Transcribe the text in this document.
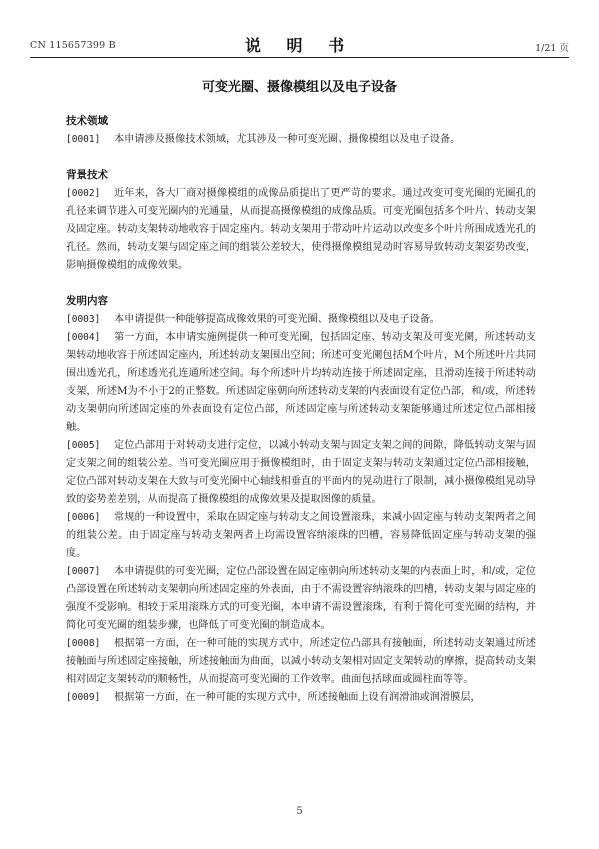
CN 115657399 B	说 明 书	1/21 页
可变光圈、摄像模组以及电子设备
技术领域

[0001] 本申请涉及摄像技术领域，尤其涉及一种可变光圈、摄像模组以及电子设备。

背景技术

[0002] 近年来，各大厂商对摄像模组的成像品质提出了更严苛的要求。通过改变可变光圈的光圈孔的孔径来调节进入可变光圈内的光通量，从而提高摄像模组的成像品质。可变光圈包括多个叶片、转动支架及固定座。转动支架转动地收容于固定座内。转动支架用于带动叶片运动以改变多个叶片所围成透光孔的孔径。然而，转动支架与固定座之间的组装公差较大，使得摄像模组晃动时容易导致转动支架姿势改变，影响摄像模组的成像效果。

发明内容

[0003] 本申请提供一种能够提高成像效果的可变光圈、摄像模组以及电子设备。

[0004] 第一方面，本申请实施例提供一种可变光圈，包括固定座、转动支架及可变光阑，所述转动支架转动地收容于所述固定座内，所述转动支架围出空间；所述可变光阑包括M个叶片，M个所述叶片共同围出透光孔，所述透光孔连通所述空间。每个所述叶片均转动连接于所述固定座，且滑动连接于所述转动支架，所述M为不小于2的正整数。所述固定座朝向所述转动支架的内表面设有定位凸部，和/或，所述转动支架朝向所述固定座的外表面设有定位凸部，所述固定座与所述转动支架能够通过所述定位凸部相接触。

[0005] 定位凸部用于对转动支进行定位，以减小转动支架与固定支架之间的间隙，降低转动支架与固定支架之间的组装公差。当可变光圈应用于摄像模组时，由于固定支架与转动支架通过定位凸部相接触，定位凸部对转动支架在大致与可变光圈中心轴线相垂直的平面内的晃动进行了限制，减小摄像模组晃动导致的姿势差差别，从而提高了摄像模组的成像效果及提取图像的质量。

[0006] 常规的一种设置中，采取在固定座与转动支之间设置滚珠，来减小固定座与转动支架两者之间的组装公差。由于固定座与转动支架两者上均需设置容纳滚珠的凹槽，容易降低固定座与转动支架的强度。

[0007] 本申请提供的可变光圈，定位凸部设置在固定座朝向所述转动支架的内表面上时，和/或，定位凸部设置在所述转动支架朝向所述固定座的外表面，由于不需设置容纳滚珠的凹槽，转动支架与固定座的强度不受影响。相较于采用滚珠方式的可变光圈，本申请不需设置滚珠，有利于简化可变光圈的结构，并简化可变光圈的组装步骤，也降低了可变光圈的制造成本。

[0008] 根据第一方面，在一种可能的实现方式中，所述定位凸部具有接触面，所述转动支架通过所述接触面与所述固定座接触，所述接触面为曲面，以减小转动支架相对固定支架转动的摩擦，提高转动支架相对固定支架转动的顺畅性，从而提高可变光圈的工作效率。曲面包括球面或圆柱面等等。

[0009] 根据第一方面，在一种可能的实现方式中，所述接触面上设有润滑油或润滑膜层，

5
